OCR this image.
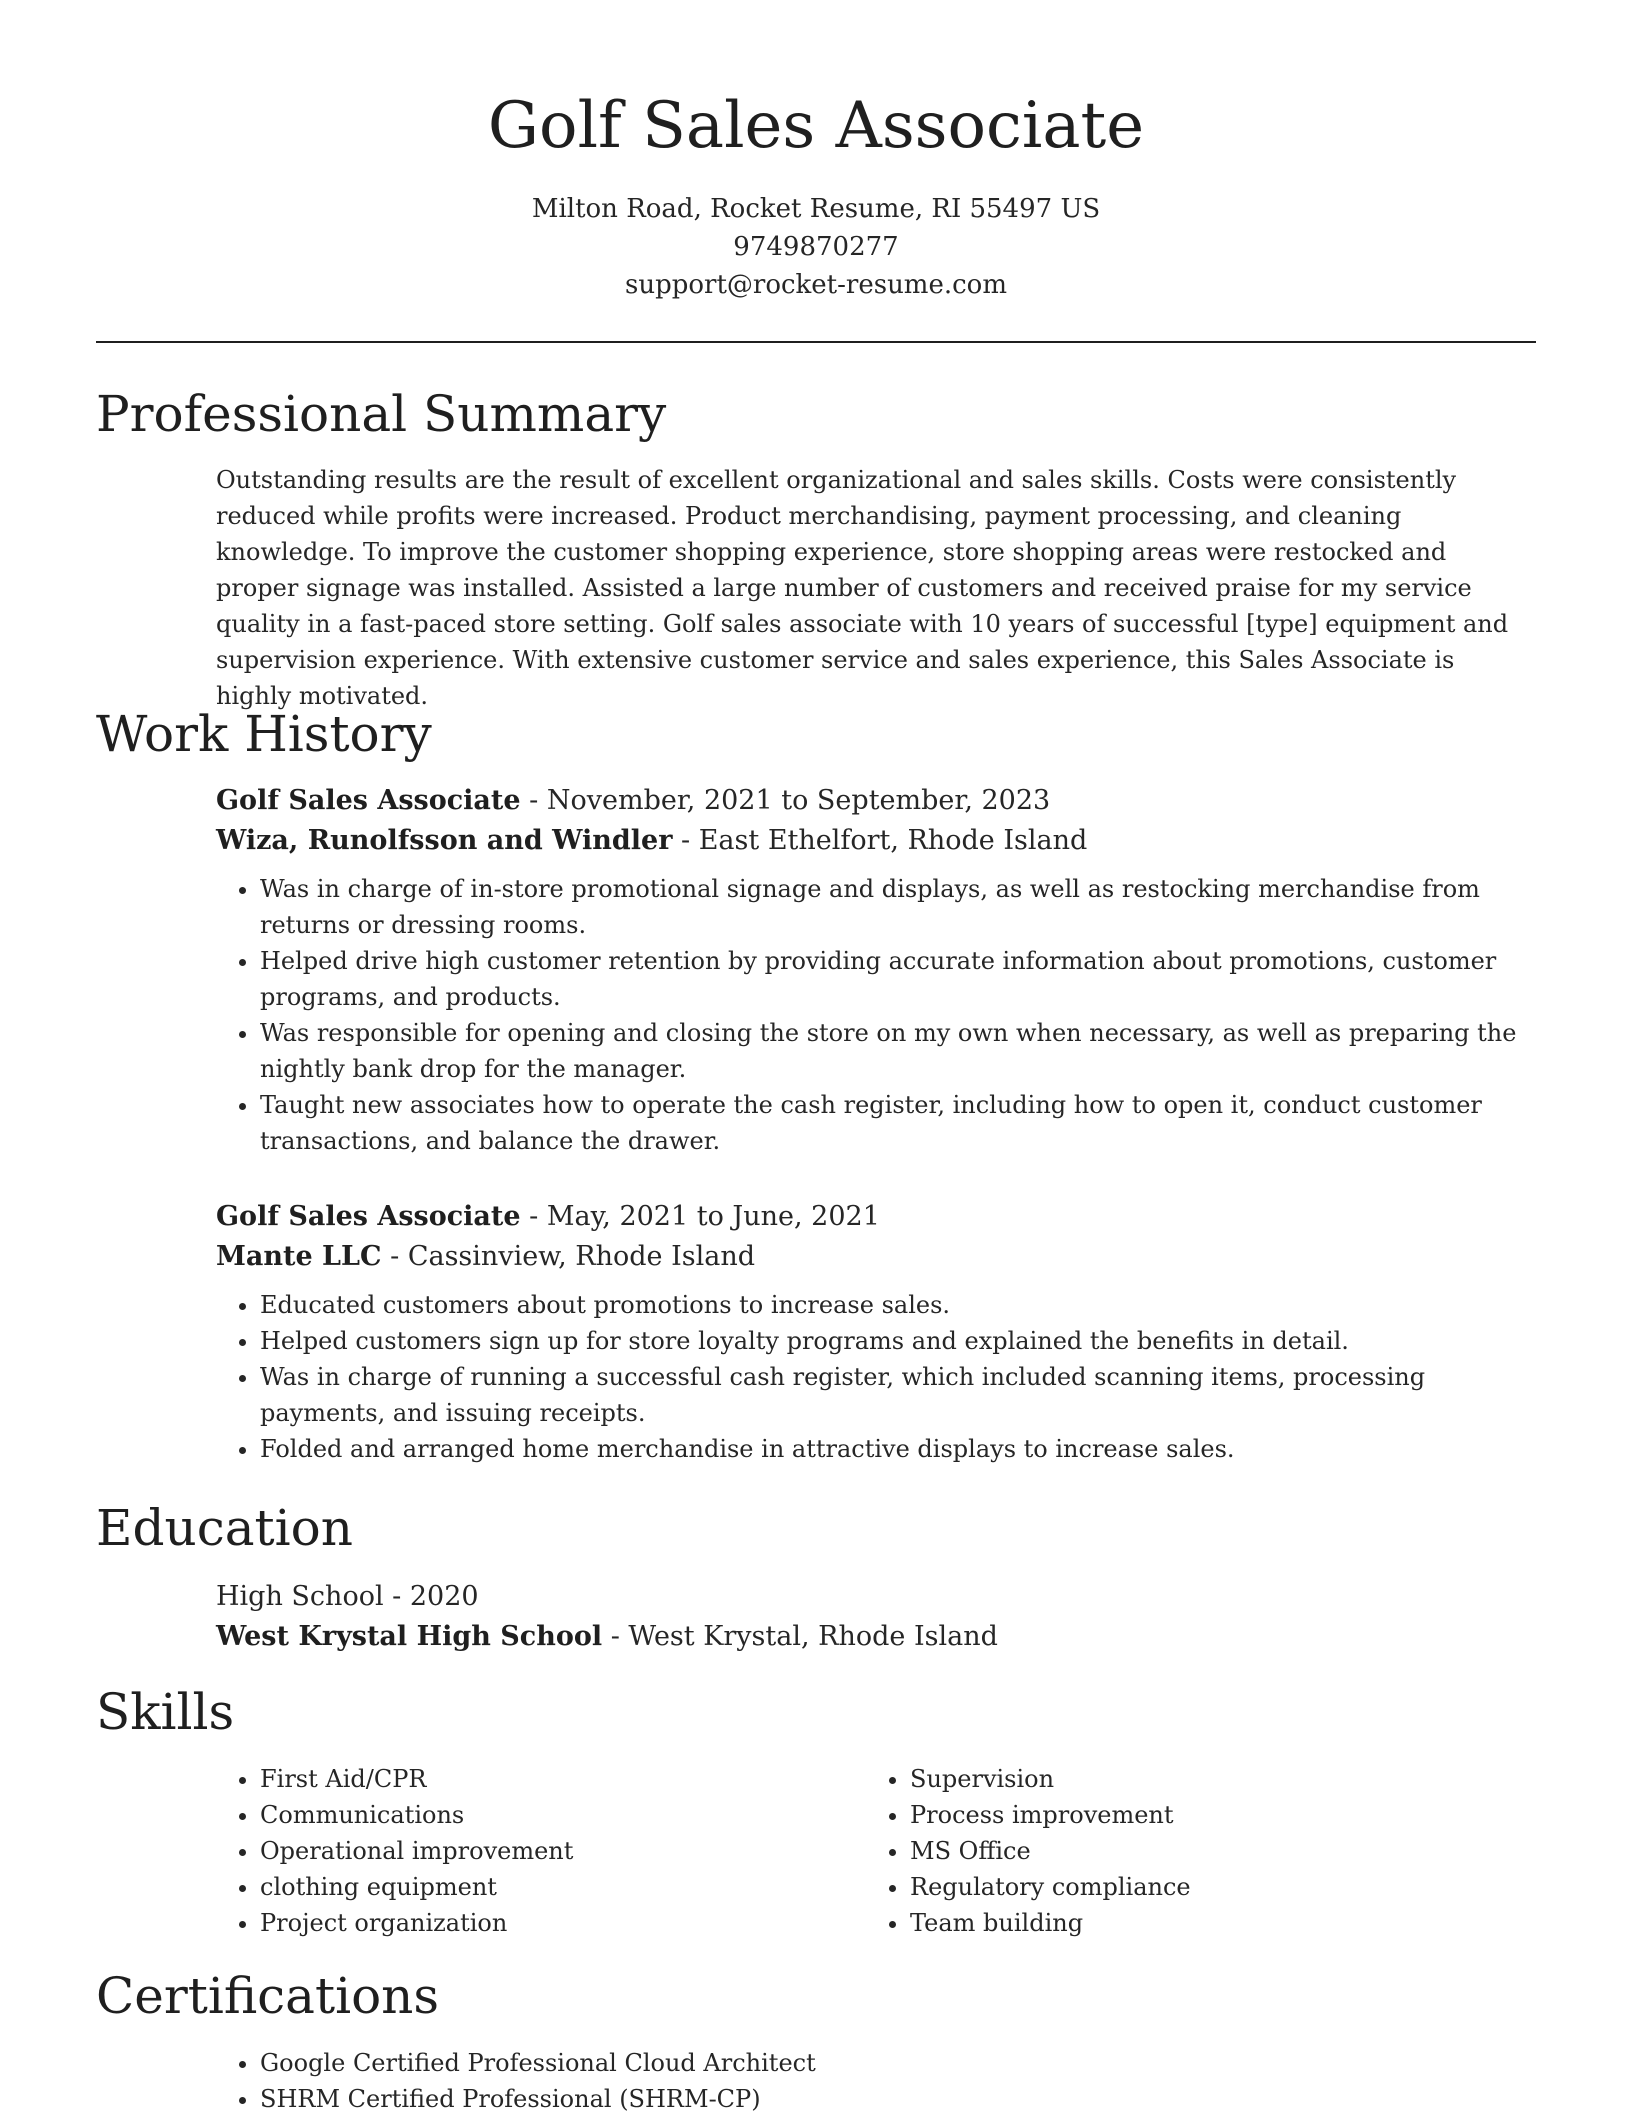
Golf Sales Associate
Milton Road, Rocket Resume, RI 55497 US
9749870277
support@rocket-resume.com
Professional Summary

Outstanding results are the result of excellent organizational and sales skills. Costs were consistently reduced while profits were increased. Product merchandising, payment processing, and cleaning knowledge. To improve the customer shopping experience, store shopping areas were restocked and proper signage was installed. Assisted a large number of customers and received praise for my service quality in a fast-paced store setting. Golf sales associate with 10 years of successful [type] equipment and supervision experience. With extensive customer service and sales experience, this Sales Associate is highly motivated.

Work History
Golf Sales Associate - November, 2021 to September, 2023
Wiza, Runolfsson and Windler - East Ethelfort, Rhode Island
• Was in charge of in-store promotional signage and displays, as well as restocking merchandise from returns or dressing rooms.
• Helped drive high customer retention by providing accurate information about promotions, customer programs, and products.
• Was responsible for opening and closing the store on my own when necessary, as well as preparing the nightly bank drop for the manager.
• Taught new associates how to operate the cash register, including how to open it, conduct customer transactions, and balance the drawer.
Golf Sales Associate - May, 2021 to June, 2021
Mante LLC - Cassinview, Rhode Island
• Educated customers about promotions to increase sales.
• Helped customers sign up for store loyalty programs and explained the benefits in detail.
• Was in charge of running a successful cash register, which included scanning items, processing payments, and issuing receipts.
• Folded and arranged home merchandise in attractive displays to increase sales.
Education
High School - 2020
West Krystal High School - West Krystal, Rhode Island
Skills
• First Aid/CPR
• Communications
• Operational improvement
• clothing equipment
• Project organization
• Supervision
• Process improvement
• MS Office
• Regulatory compliance
• Team building
Certifications
• Google Certified Professional Cloud Architect
• SHRM Certified Professional (SHRM-CP)
